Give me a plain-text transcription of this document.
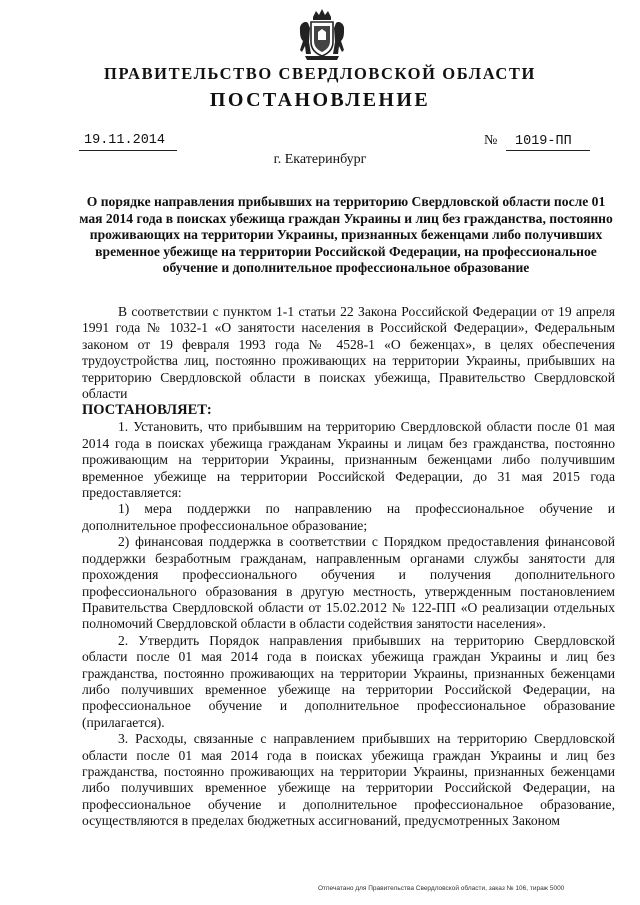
ПРАВИТЕЛЬСТВО СВЕРДЛОВСКОЙ ОБЛАСТИ
ПОСТАНОВЛЕНИЕ
19.11.2014	№ 1019-ПП
г. Екатеринбург
О порядке направления прибывших на территорию Свердловской области после 01 мая 2014 года в поисках убежища граждан Украины и лиц без гражданства, постоянно проживающих на территории Украины, признанных беженцами либо получивших временное убежище на территории Российской Федерации, на профессиональное обучение и дополнительное профессиональное образование

В соответствии с пунктом 1-1 статьи 22 Закона Российской Федерации от 19 апреля 1991 года № 1032-1 «О занятости населения в Российской Федерации», Федеральным законом от 19 февраля 1993 года № 4528-1 «О беженцах», в целях обеспечения трудоустройства лиц, постоянно проживающих на территории Украины, прибывших на территорию Свердловской области в поисках убежища, Правительство Свердловской области

ПОСТАНОВЛЯЕТ:

1. Установить, что прибывшим на территорию Свердловской области после 01 мая 2014 года в поисках убежища гражданам Украины и лицам без гражданства, постоянно проживающим на территории Украины, признанным беженцами либо получившим временное убежище на территории Российской Федерации, до 31 мая 2015 года предоставляется:

1) мера поддержки по направлению на профессиональное обучение и дополнительное профессиональное образование;

2) финансовая поддержка в соответствии с Порядком предоставления финансовой поддержки безработным гражданам, направленным органами службы занятости для прохождения профессионального обучения и получения дополнительного профессионального образования в другую местность, утвержденным постановлением Правительства Свердловской области от 15.02.2012 № 122-ПП «О реализации отдельных полномочий Свердловской области в области содействия занятости населения».

2. Утвердить Порядок направления прибывших на территорию Свердловской области после 01 мая 2014 года в поисках убежища граждан Украины и лиц без гражданства, постоянно проживающих на территории Украины, признанных беженцами либо получивших временное убежище на территории Российской Федерации, на профессиональное обучение и дополнительное профессиональное образование (прилагается).

3. Расходы, связанные с направлением прибывших на территорию Свердловской области после 01 мая 2014 года в поисках убежища граждан Украины и лиц без гражданства, постоянно проживающих на территории Украины, признанных беженцами либо получивших временное убежище на территории Российской Федерации, на профессиональное обучение и дополнительное профессиональное образование, осуществляются в пределах бюджетных ассигнований, предусмотренных Законом

Отпечатано для Правительства Свердловской области, заказ № 106, тираж 5000
